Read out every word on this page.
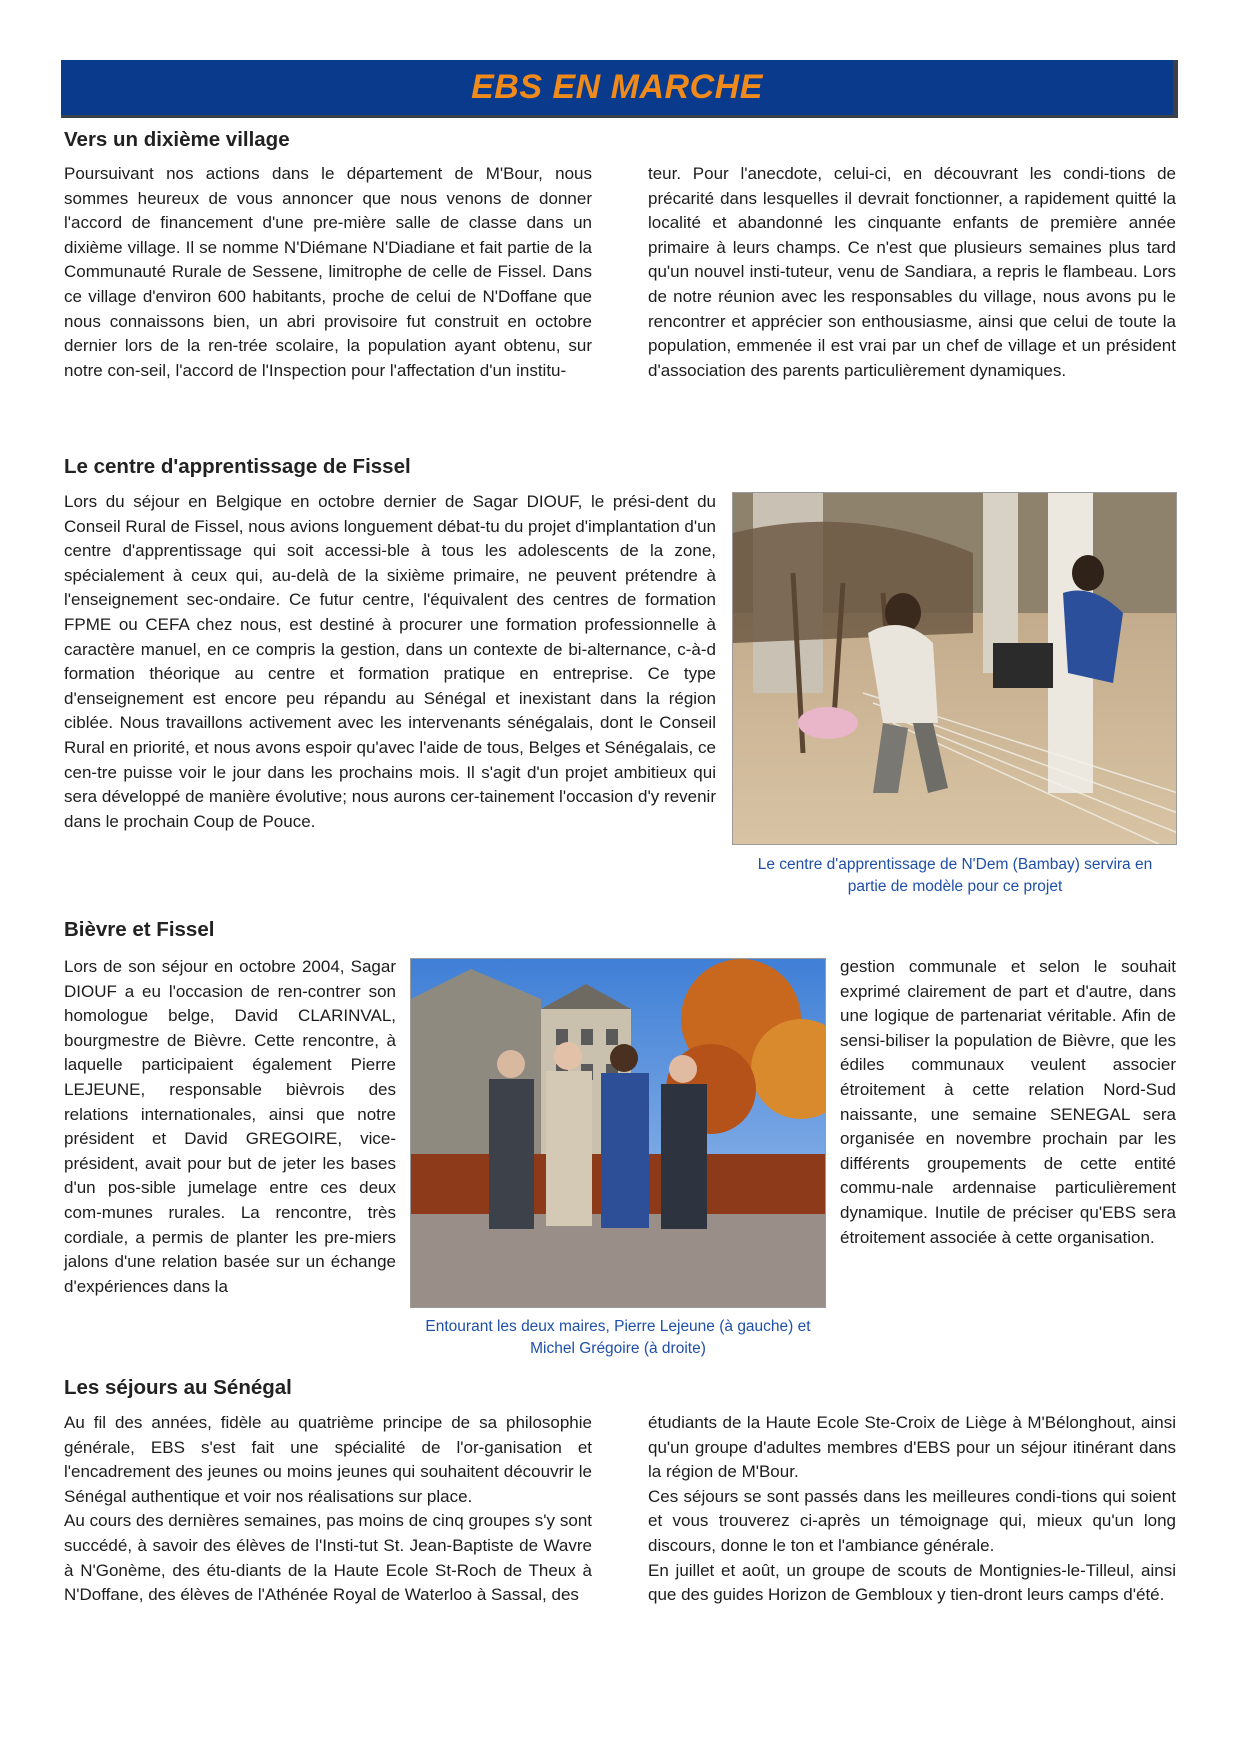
EBS EN MARCHE
Vers un dixième village

Poursuivant nos actions dans le département de M'Bour, nous sommes heureux de vous annoncer que nous venons de donner l'accord de financement d'une pre-mière salle de classe dans un dixième village. Il se nomme N'Diémane N'Diadiane et fait partie de la Communauté Rurale de Sessene, limitrophe de celle de Fissel. Dans ce village d'environ 600 habitants, proche de celui de N'Doffane que nous connaissons bien, un abri provisoire fut construit en octobre dernier lors de la ren-trée scolaire, la population ayant obtenu, sur notre con-seil, l'accord de l'Inspection pour l'affectation d'un institu-

teur. Pour l'anecdote, celui-ci, en découvrant les condi-tions de précarité dans lesquelles il devrait fonctionner, a rapidement quitté la localité et abandonné les cinquante enfants de première année primaire à leurs champs. Ce n'est que plusieurs semaines plus tard qu'un nouvel insti-tuteur, venu de Sandiara, a repris le flambeau. Lors de notre réunion avec les responsables du village, nous avons pu le rencontrer et apprécier son enthousiasme, ainsi que celui de toute la population, emmenée il est vrai par un chef de village et un président d'association des parents particulièrement dynamiques.

Le centre d'apprentissage de Fissel

Lors du séjour en Belgique en octobre dernier de Sagar DIOUF, le prési-dent du Conseil Rural de Fissel, nous avions longuement débat-tu du projet d'implantation d'un centre d'apprentissage qui soit accessi-ble à tous les adolescents de la zone, spécialement à ceux qui, au-delà de la sixième primaire, ne peuvent prétendre à l'enseignement sec-ondaire. Ce futur centre, l'équivalent des centres de formation FPME ou CEFA chez nous, est destiné à procurer une formation professionnelle à caractère manuel, en ce compris la gestion, dans un contexte de bi-alternance, c-à-d formation théorique au centre et formation pratique en entreprise. Ce type d'enseignement est encore peu répandu au Sénégal et inexistant dans la région ciblée. Nous travaillons activement avec les intervenants sénégalais, dont le Conseil Rural en priorité, et nous avons espoir qu'avec l'aide de tous, Belges et Sénégalais, ce cen-tre puisse voir le jour dans les prochains mois. Il s'agit d'un projet ambitieux qui sera développé de manière évolutive; nous aurons cer-tainement l'occasion d'y revenir dans le prochain Coup de Pouce.

Le centre d'apprentissage de N'Dem (Bambay) servira en partie de modèle pour ce projet
Bièvre et Fissel

Lors de son séjour en octobre 2004, Sagar DIOUF a eu l'occasion de ren-contrer son homologue belge, David CLARINVAL, bourgmestre de Bièvre. Cette rencontre, à laquelle participaient également Pierre LEJEUNE, responsable bièvrois des relations internationales, ainsi que notre président et David GREGOIRE, vice-président, avait pour but de jeter les bases d'un pos-sible jumelage entre ces deux com-munes rurales. La rencontre, très cordiale, a permis de planter les pre-miers jalons d'une relation basée sur un échange d'expériences dans la

Entourant les deux maires, Pierre Lejeune (à gauche) et Michel Grégoire (à droite)

gestion communale et selon le souhait exprimé clairement de part et d'autre, dans une logique de partenariat véritable. Afin de sensi-biliser la population de Bièvre, que les édiles communaux veulent associer étroitement à cette relation Nord-Sud naissante, une semaine SENEGAL sera organisée en novembre prochain par les différents groupements de cette entité commu-nale ardennaise particulièrement dynamique. Inutile de préciser qu'EBS sera étroitement associée à cette organisation.

Les séjours au Sénégal

Au fil des années, fidèle au quatrième principe de sa philosophie générale, EBS s'est fait une spécialité de l'or-ganisation et l'encadrement des jeunes ou moins jeunes qui souhaitent découvrir le Sénégal authentique et voir nos réalisations sur place.

Au cours des dernières semaines, pas moins de cinq groupes s'y sont succédé, à savoir des élèves de l'Insti-tut St. Jean-Baptiste de Wavre à N'Gonème, des étu-diants de la Haute Ecole St-Roch de Theux à N'Doffane, des élèves de l'Athénée Royal de Waterloo à Sassal, des

étudiants de la Haute Ecole Ste-Croix de Liège à M'Bélonghout, ainsi qu'un groupe d'adultes membres d'EBS pour un séjour itinérant dans la région de M'Bour.

Ces séjours se sont passés dans les meilleures condi-tions qui soient et vous trouverez ci-après un témoignage qui, mieux qu'un long discours, donne le ton et l'ambiance générale.

En juillet et août, un groupe de scouts de Montignies-le-Tilleul, ainsi que des guides Horizon de Gembloux y tien-dront leurs camps d'été.
